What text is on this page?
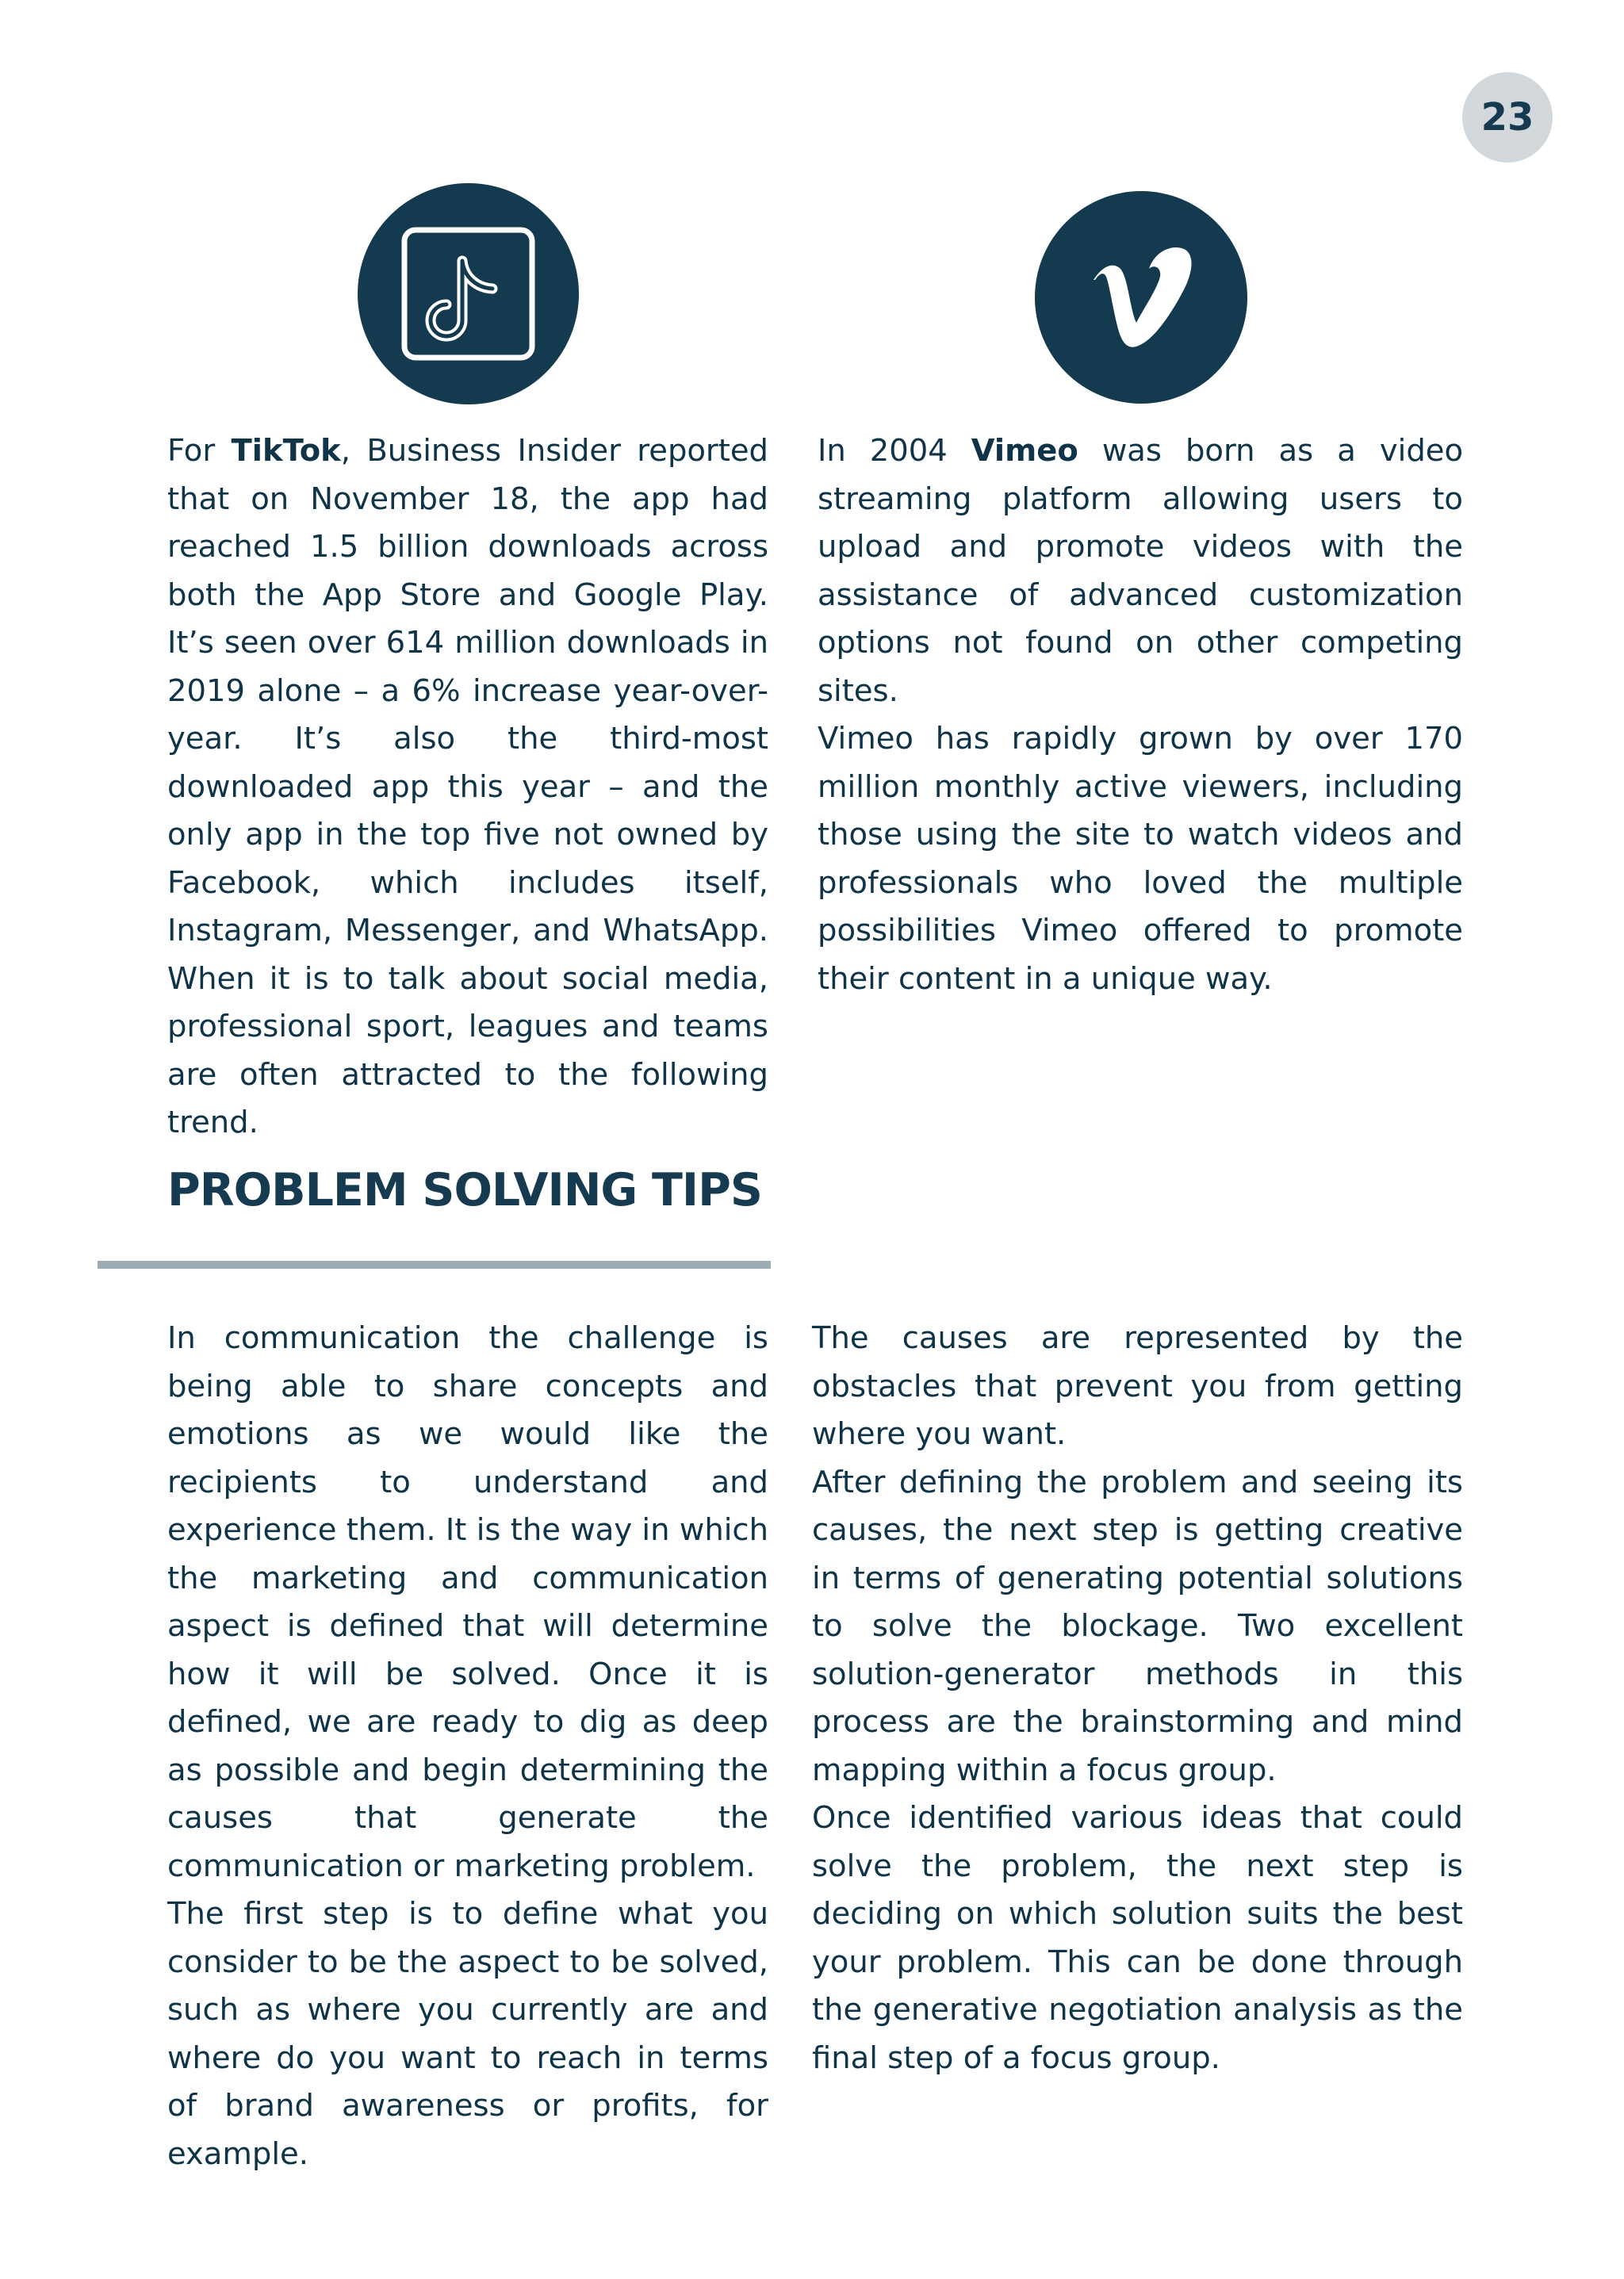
23

For TikTok, Business Insider reported that on November 18, the app had reached 1.5 billion downloads across both the App Store and Google Play. It’s seen over 614 million downloads in 2019 alone – a 6% increase year-over-year. It’s also the third-most downloaded app this year – and the only app in the top five not owned by Facebook, which includes itself, Instagram, Messenger, and WhatsApp. When it is to talk about social media, professional sport, leagues and teams are often attracted to the following trend.

In 2004 Vimeo was born as a video streaming platform allowing users to upload and promote videos with the assistance of advanced customization options not found on other competing sites.

Vimeo has rapidly grown by over 170 million monthly active viewers, including those using the site to watch videos and professionals who loved the multiple possibilities Vimeo offered to promote their content in a unique way.

PROBLEM SOLVING TIPS

In communication the challenge is being able to share concepts and emotions as we would like the recipients to understand and experience them. It is the way in which the marketing and communication aspect is defined that will determine how it will be solved. Once it is defined, we are ready to dig as deep as possible and begin determining the causes that generate the communication or marketing problem.

The first step is to define what you consider to be the aspect to be solved, such as where you currently are and where do you want to reach in terms of brand awareness or profits, for example.

The causes are represented by the obstacles that prevent you from getting where you want.

After defining the problem and seeing its causes, the next step is getting creative in terms of generating potential solutions to solve the blockage. Two excellent solution-generator methods in this process are the brainstorming and mind mapping within a focus group.

Once identified various ideas that could solve the problem, the next step is deciding on which solution suits the best your problem. This can be done through the generative negotiation analysis as the final step of a focus group.
